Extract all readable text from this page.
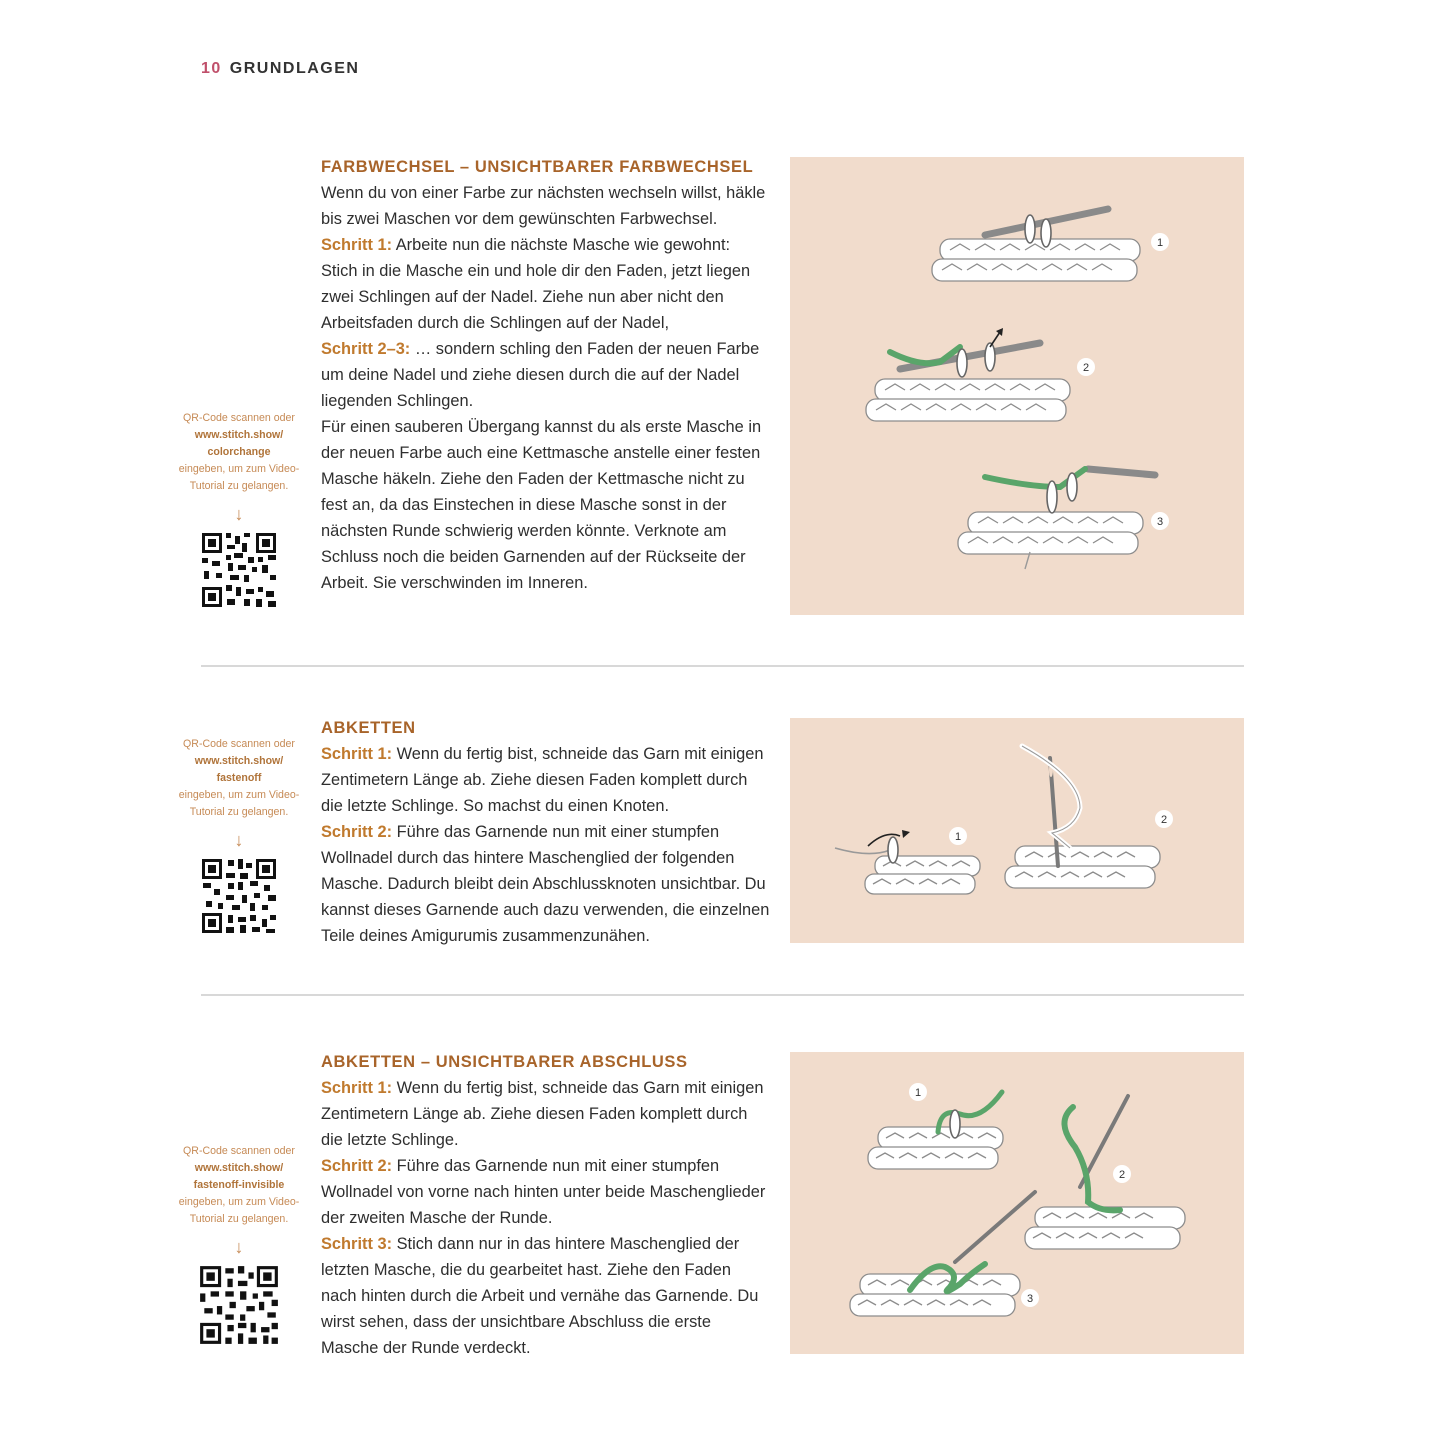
10 GRUNDLAGEN
FARBWECHSEL – UNSICHTBARER FARBWECHSEL
Wenn du von einer Farbe zur nächsten wechseln willst, häkle bis zwei Maschen vor dem gewünschten Farbwechsel.
Schritt 1: Arbeite nun die nächste Masche wie gewohnt: Stich in die Masche ein und hole dir den Faden, jetzt liegen zwei Schlingen auf der Nadel. Ziehe nun aber nicht den Arbeitsfaden durch die Schlingen auf der Nadel,
Schritt 2–3: … sondern schling den Faden der neuen Farbe um deine Nadel und ziehe diesen durch die auf der Nadel liegenden Schlingen.
Für einen sauberen Übergang kannst du als erste Masche in der neuen Farbe auch eine Kettmasche anstelle einer festen Masche häkeln. Ziehe den Faden der Kettmasche nicht zu fest an, da das Einstechen in diese Masche sonst in der nächsten Runde schwierig werden könnte. Verknote am Schluss noch die beiden Garnenden auf der Rückseite der Arbeit. Sie verschwinden im Inneren.
QR-Code scannen oder
www.stitch.show/
colorchange
eingeben, um zum Video-Tutorial zu gelangen.
↓
1
2
3
ABKETTEN
Schritt 1: Wenn du fertig bist, schneide das Garn mit einigen Zentimetern Länge ab. Ziehe diesen Faden komplett durch die letzte Schlinge. So machst du einen Knoten.
Schritt 2: Führe das Garnende nun mit einer stumpfen Wollnadel durch das hintere Maschenglied der folgenden Masche. Dadurch bleibt dein Abschlussknoten unsichtbar. Du kannst dieses Garnende auch dazu verwenden, die einzelnen Teile deines Amigurumis zusammenzunähen.
QR-Code scannen oder
www.stitch.show/
fastenoff
eingeben, um zum Video-Tutorial zu gelangen.
↓	1
2
ABKETTEN – UNSICHTBARER ABSCHLUSS
Schritt 1: Wenn du fertig bist, schneide das Garn mit einigen Zentimetern Länge ab. Ziehe diesen Faden komplett durch die letzte Schlinge.
Schritt 2: Führe das Garnende nun mit einer stumpfen Wollnadel von vorne nach hinten unter beide Maschenglieder der zweiten Masche der Runde.
Schritt 3: Stich dann nur in das hintere Maschenglied der letzten Masche, die du gearbeitet hast. Ziehe den Faden nach hinten durch die Arbeit und vernähe das Garnende. Du wirst sehen, dass der unsichtbare Abschluss die erste Masche der Runde verdeckt.
QR-Code scannen oder
www.stitch.show/
fastenoff-invisible
eingeben, um zum Video-Tutorial zu gelangen.
↓
1
2
3
